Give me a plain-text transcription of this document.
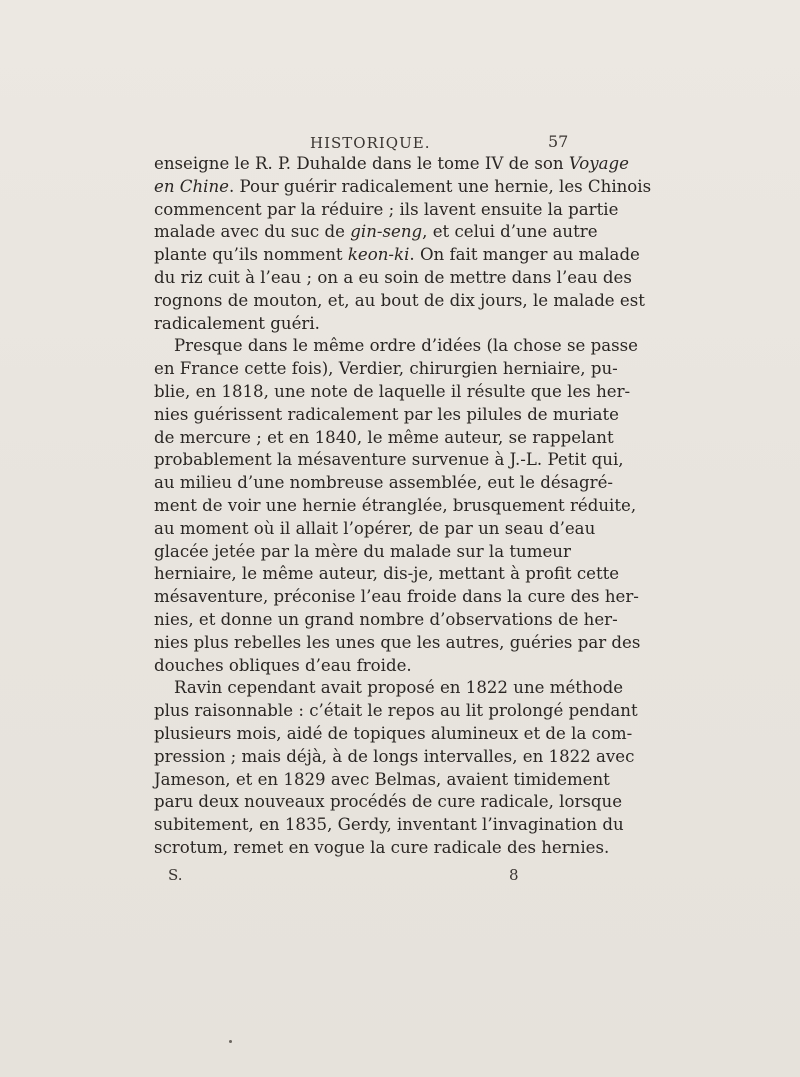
HISTORIQUE.	57
enseigne le R. P. Duhalde dans le tome IV de son Voyage
en Chine. Pour guérir radicalement une hernie, les Chinois
commencent par la réduire ; ils lavent ensuite la partie
malade avec du suc de gin-seng, et celui d’une autre
plante qu’ils nomment keon-ki. On fait manger au malade
du riz cuit à l’eau ; on a eu soin de mettre dans l’eau des
rognons de mouton, et, au bout de dix jours, le malade est
radicalement guéri.
Presque dans le même ordre d’idées (la chose se passe
en France cette fois), Verdier, chirurgien herniaire, pu-
blie, en 1818, une note de laquelle il résulte que les her-
nies guérissent radicalement par les pilules de muriate
de mercure ; et en 1840, le même auteur, se rappelant
probablement la mésaventure survenue à J.-L. Petit qui,
au milieu d’une nombreuse assemblée, eut le désagré-
ment de voir une hernie étranglée, brusquement réduite,
au moment où il allait l’opérer, de par un seau d’eau
glacée jetée par la mère du malade sur la tumeur
herniaire, le même auteur, dis-je, mettant à profit cette
mésaventure, préconise l’eau froide dans la cure des her-
nies, et donne un grand nombre d’observations de her-
nies plus rebelles les unes que les autres, guéries par des
douches obliques d’eau froide.
Ravin cependant avait proposé en 1822 une méthode
plus raisonnable : c’était le repos au lit prolongé pendant
plusieurs mois, aidé de topiques alumineux et de la com-
pression ; mais déjà, à de longs intervalles, en 1822 avec
Jameson, et en 1829 avec Belmas, avaient timidement
paru deux nouveaux procédés de cure radicale, lorsque
subitement, en 1835, Gerdy, inventant l’invagination du
scrotum, remet en vogue la cure radicale des hernies.
S.	8
